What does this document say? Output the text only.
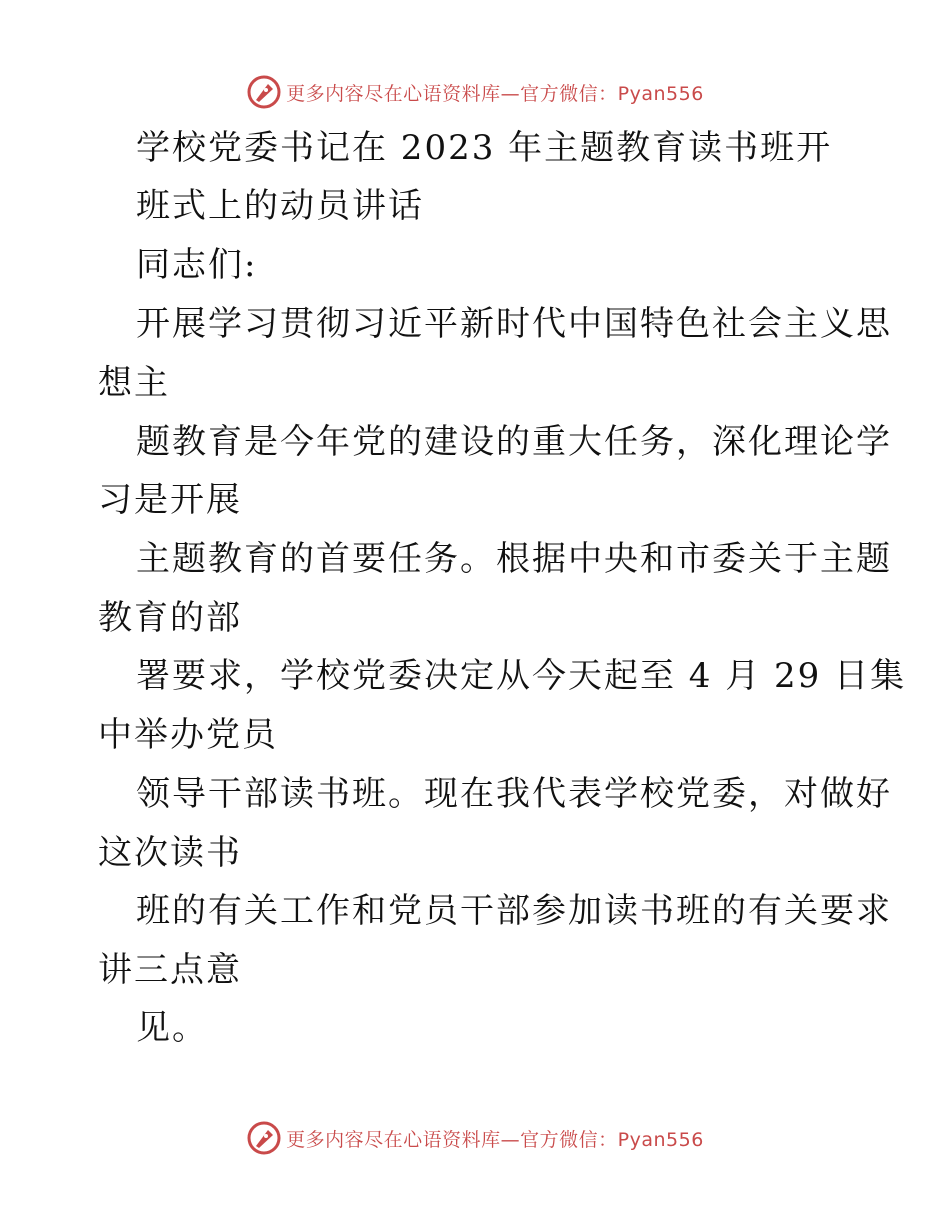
更多内容尽在心语资料库—官方微信：Pyan556
学校党委书记在 2023 年主题教育读书班开
班式上的动员讲话
同志们:
开展学习贯彻习近平新时代中国特色社会主义思
想主
题教育是今年党的建设的重大任务，深化理论学
习是开展
主题教育的首要任务。根据中央和市委关于主题
教育的部
署要求，学校党委决定从今天起至 4 月 29 日集
中举办党员
领导干部读书班。现在我代表学校党委，对做好
这次读书
班的有关工作和党员干部参加读书班的有关要求
讲三点意
见。
更多内容尽在心语资料库—官方微信：Pyan556
